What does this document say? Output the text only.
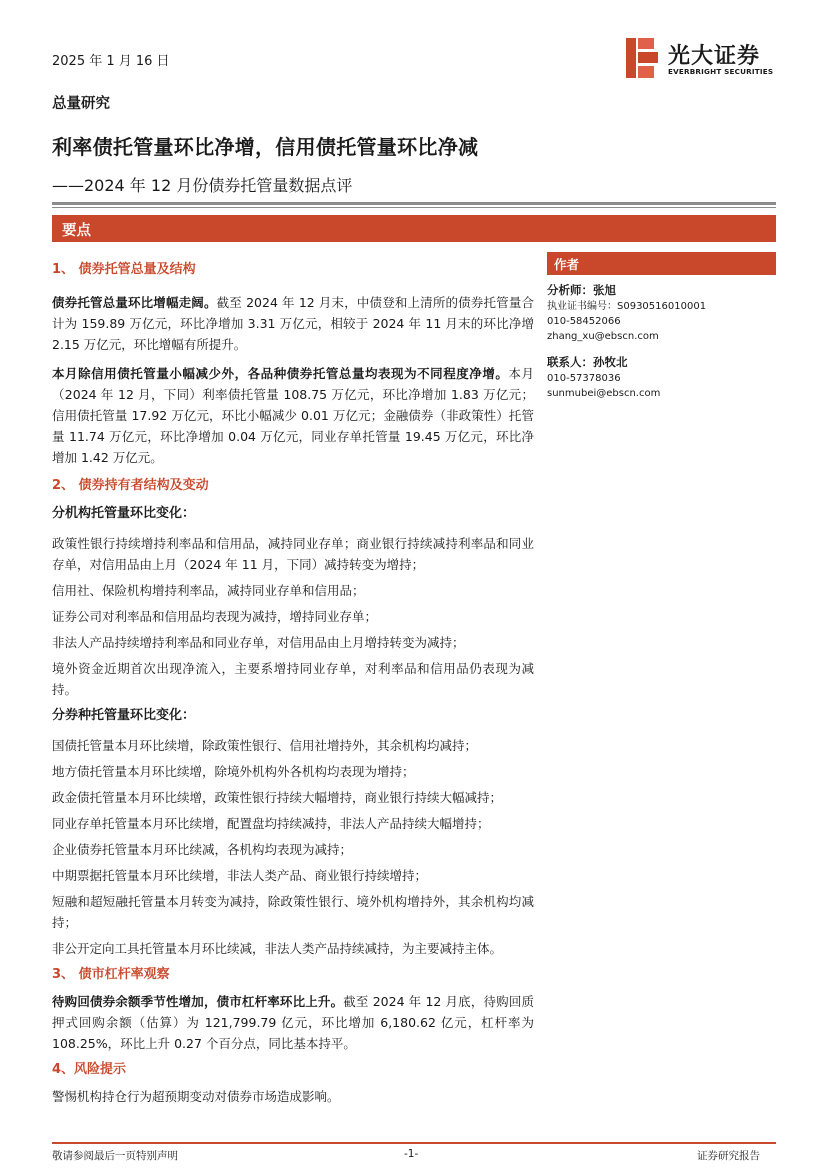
2025 年 1 月 16 日	光大证券
EVERBRIGHT SECURITIES
总量研究
利率债托管量环比净增，信用债托管量环比净减
——2024 年 12 月份债券托管量数据点评
要点

1、 债券托管总量及结构

债券托管总量环比增幅走阔。截至 2024 年 12 月末，中债登和上清所的债券托管量合计为 159.89 万亿元，环比净增加 3.31 万亿元，相较于 2024 年 11 月末的环比净增 2.15 万亿元，环比增幅有所提升。

本月除信用债托管量小幅减少外，各品种债券托管总量均表现为不同程度净增。本月（2024 年 12 月，下同）利率债托管量 108.75 万亿元，环比净增加 1.83 万亿元；信用债托管量 17.92 万亿元，环比小幅减少 0.01 万亿元；金融债券（非政策性）托管量 11.74 万亿元，环比净增加 0.04 万亿元，同业存单托管量 19.45 万亿元，环比净增加 1.42 万亿元。

2、 债券持有者结构及变动

分机构托管量环比变化：

政策性银行持续增持利率品和信用品，减持同业存单；商业银行持续减持利率品和同业存单，对信用品由上月（2024 年 11 月，下同）减持转变为增持；

信用社、保险机构增持利率品，减持同业存单和信用品；

证券公司对利率品和信用品均表现为减持，增持同业存单；

非法人产品持续增持利率品和同业存单，对信用品由上月增持转变为减持；

境外资金近期首次出现净流入，主要系增持同业存单，对利率品和信用品仍表现为减持。

分券种托管量环比变化：

国债托管量本月环比续增，除政策性银行、信用社增持外，其余机构均减持；

地方债托管量本月环比续增，除境外机构外各机构均表现为增持；

政金债托管量本月环比续增，政策性银行持续大幅增持，商业银行持续大幅减持；

同业存单托管量本月环比续增，配置盘均持续减持，非法人产品持续大幅增持；

企业债券托管量本月环比续减，各机构均表现为减持；

中期票据托管量本月环比续增，非法人类产品、商业银行持续增持；

短融和超短融托管量本月转变为减持，除政策性银行、境外机构增持外，其余机构均减持；

非公开定向工具托管量本月环比续减，非法人类产品持续减持，为主要减持主体。

3、 债市杠杆率观察

待购回债券余额季节性增加，债市杠杆率环比上升。截至 2024 年 12 月底，待购回质押式回购余额（估算）为 121,799.79 亿元，环比增加 6,180.62 亿元，杠杆率为 108.25%，环比上升 0.27 个百分点，同比基本持平。

4、风险提示

警惕机构持仓行为超预期变动对债券市场造成影响。

作者

分析师：张旭

执业证书编号：S0930516010001

010-58452066

zhang_xu@ebscn.com

联系人：孙牧北

010-57378036

sunmubei@ebscn.com

敬请参阅最后一页特别声明	-1-	证券研究报告
